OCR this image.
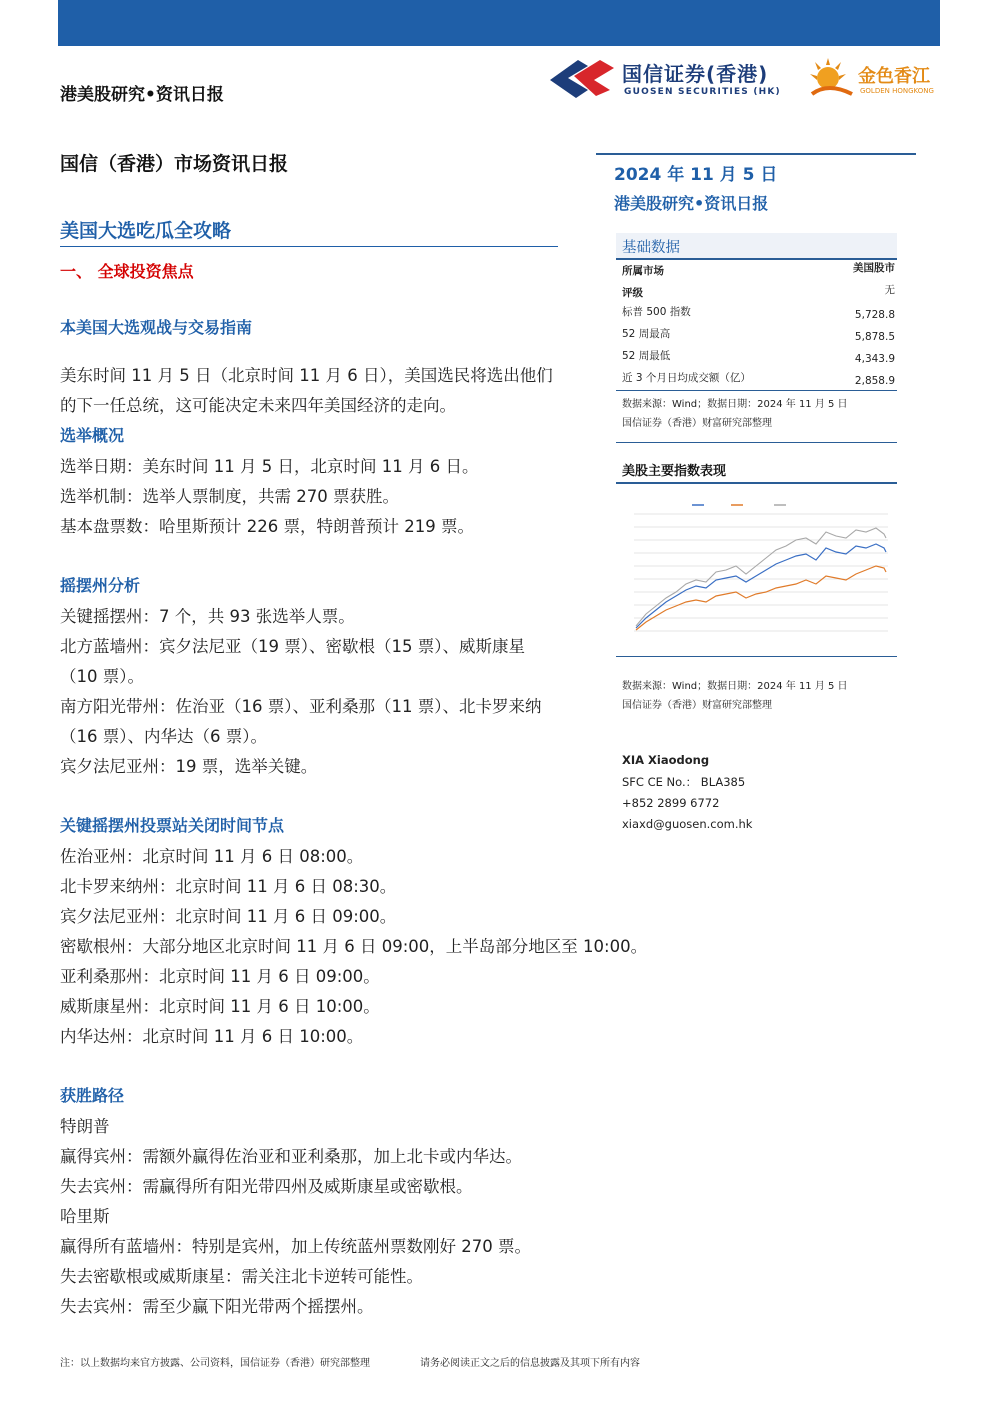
港美股研究•资讯日报
国信证券(香港)
GUOSEN SECURITIES (HK)
金色香江
GOLDEN HONGKONG
国信（香港）市场资讯日报
美国大选吃瓜全攻略
一、 全球投资焦点
本美国大选观战与交易指南
美东时间 11 月 5 日（北京时间 11 月 6 日），美国选民将选出他们
的下一任总统，这可能决定未来四年美国经济的走向。
选举概况
选举日期：美东时间 11 月 5 日，北京时间 11 月 6 日。
选举机制：选举人票制度，共需 270 票获胜。
基本盘票数：哈里斯预计 226 票，特朗普预计 219 票。
摇摆州分析
关键摇摆州：7 个，共 93 张选举人票。
北方蓝墙州：宾夕法尼亚（19 票）、密歇根（15 票）、威斯康星
（10 票）。
南方阳光带州：佐治亚（16 票）、亚利桑那（11 票）、北卡罗来纳
（16 票）、内华达（6 票）。
宾夕法尼亚州：19 票，选举关键。
关键摇摆州投票站关闭时间节点
佐治亚州：北京时间 11 月 6 日 08:00。
北卡罗来纳州：北京时间 11 月 6 日 08:30。
宾夕法尼亚州：北京时间 11 月 6 日 09:00。
密歇根州：大部分地区北京时间 11 月 6 日 09:00，上半岛部分地区至 10:00。
亚利桑那州：北京时间 11 月 6 日 09:00。
威斯康星州：北京时间 11 月 6 日 10:00。
内华达州：北京时间 11 月 6 日 10:00。
获胜路径
特朗普
赢得宾州：需额外赢得佐治亚和亚利桑那，加上北卡或内华达。
失去宾州：需赢得所有阳光带四州及威斯康星或密歇根。
哈里斯
赢得所有蓝墙州：特别是宾州，加上传统蓝州票数刚好 270 票。
失去密歇根或威斯康星：需关注北卡逆转可能性。
失去宾州：需至少赢下阳光带两个摇摆州。
2024 年 11 月 5 日
港美股研究•资讯日报
基础数据
所属市场	美国股市
评级	无
标普 500 指数	5,728.8
52 周最高	5,878.5
52 周最低	4,343.9
近 3 个月日均成交额（亿）	2,858.9
数据来源：Wind；数据日期：2024 年 11 月 5 日
国信证券（香港）财富研究部整理
美股主要指数表现
数据来源：Wind；数据日期：2024 年 11 月 5 日
国信证券（香港）财富研究部整理
XIA Xiaodong
SFC CE No.： BLA385
+852 2899 6772
xiaxd@guosen.com.hk
注：以上数据均来官方披露、公司资料，国信证券（香港）研究部整理	请务必阅读正文之后的信息披露及其项下所有内容
